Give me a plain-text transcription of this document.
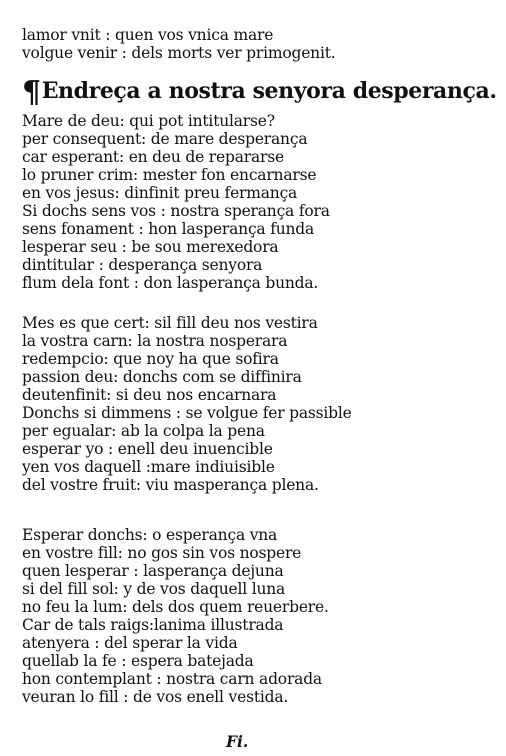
lamor vnit : quen vos vnica mare
volgue venir : dels morts ver primogenit.
¶Endreça a nostra senyora desperança.
Mare de deu: qui pot intitularse?
per consequent: de mare desperança
car esperant: en deu de repararse
lo pruner crim: mester fon encarnarse
en vos jesus: dinfinit preu fermança
Si dochs sens vos : nostra sperança fora
sens fonament : hon lasperança funda
lesperar seu : be sou merexedora
dintitular : desperança senyora
flum dela font : don lasperança bunda.
Mes es que cert: sil fill deu nos vestira
la vostra carn: la nostra nosperara
redempcio: que noy ha que sofira
passion deu: donchs com se diffinira
deutenfinit: si deu nos encarnara
Donchs si dimmens : se volgue fer passible
per egualar: ab la colpa la pena
esperar yo : enell deu inuencible
yen vos daquell :mare indiuisible
del vostre fruit: viu masperança plena.
Esperar donchs: o esperança vna
en vostre fill: no gos sin vos nospere
quen lesperar : lasperança dejuna
si del fill sol: y de vos daquell luna
no feu la lum: dels dos quem reuerbere.
Car de tals raigs:lanima illustrada
atenyera : del sperar la vida
quellab la fe : espera batejada
hon contemplant : nostra carn adorada
veuran lo fill : de vos enell vestida.
Fi.
